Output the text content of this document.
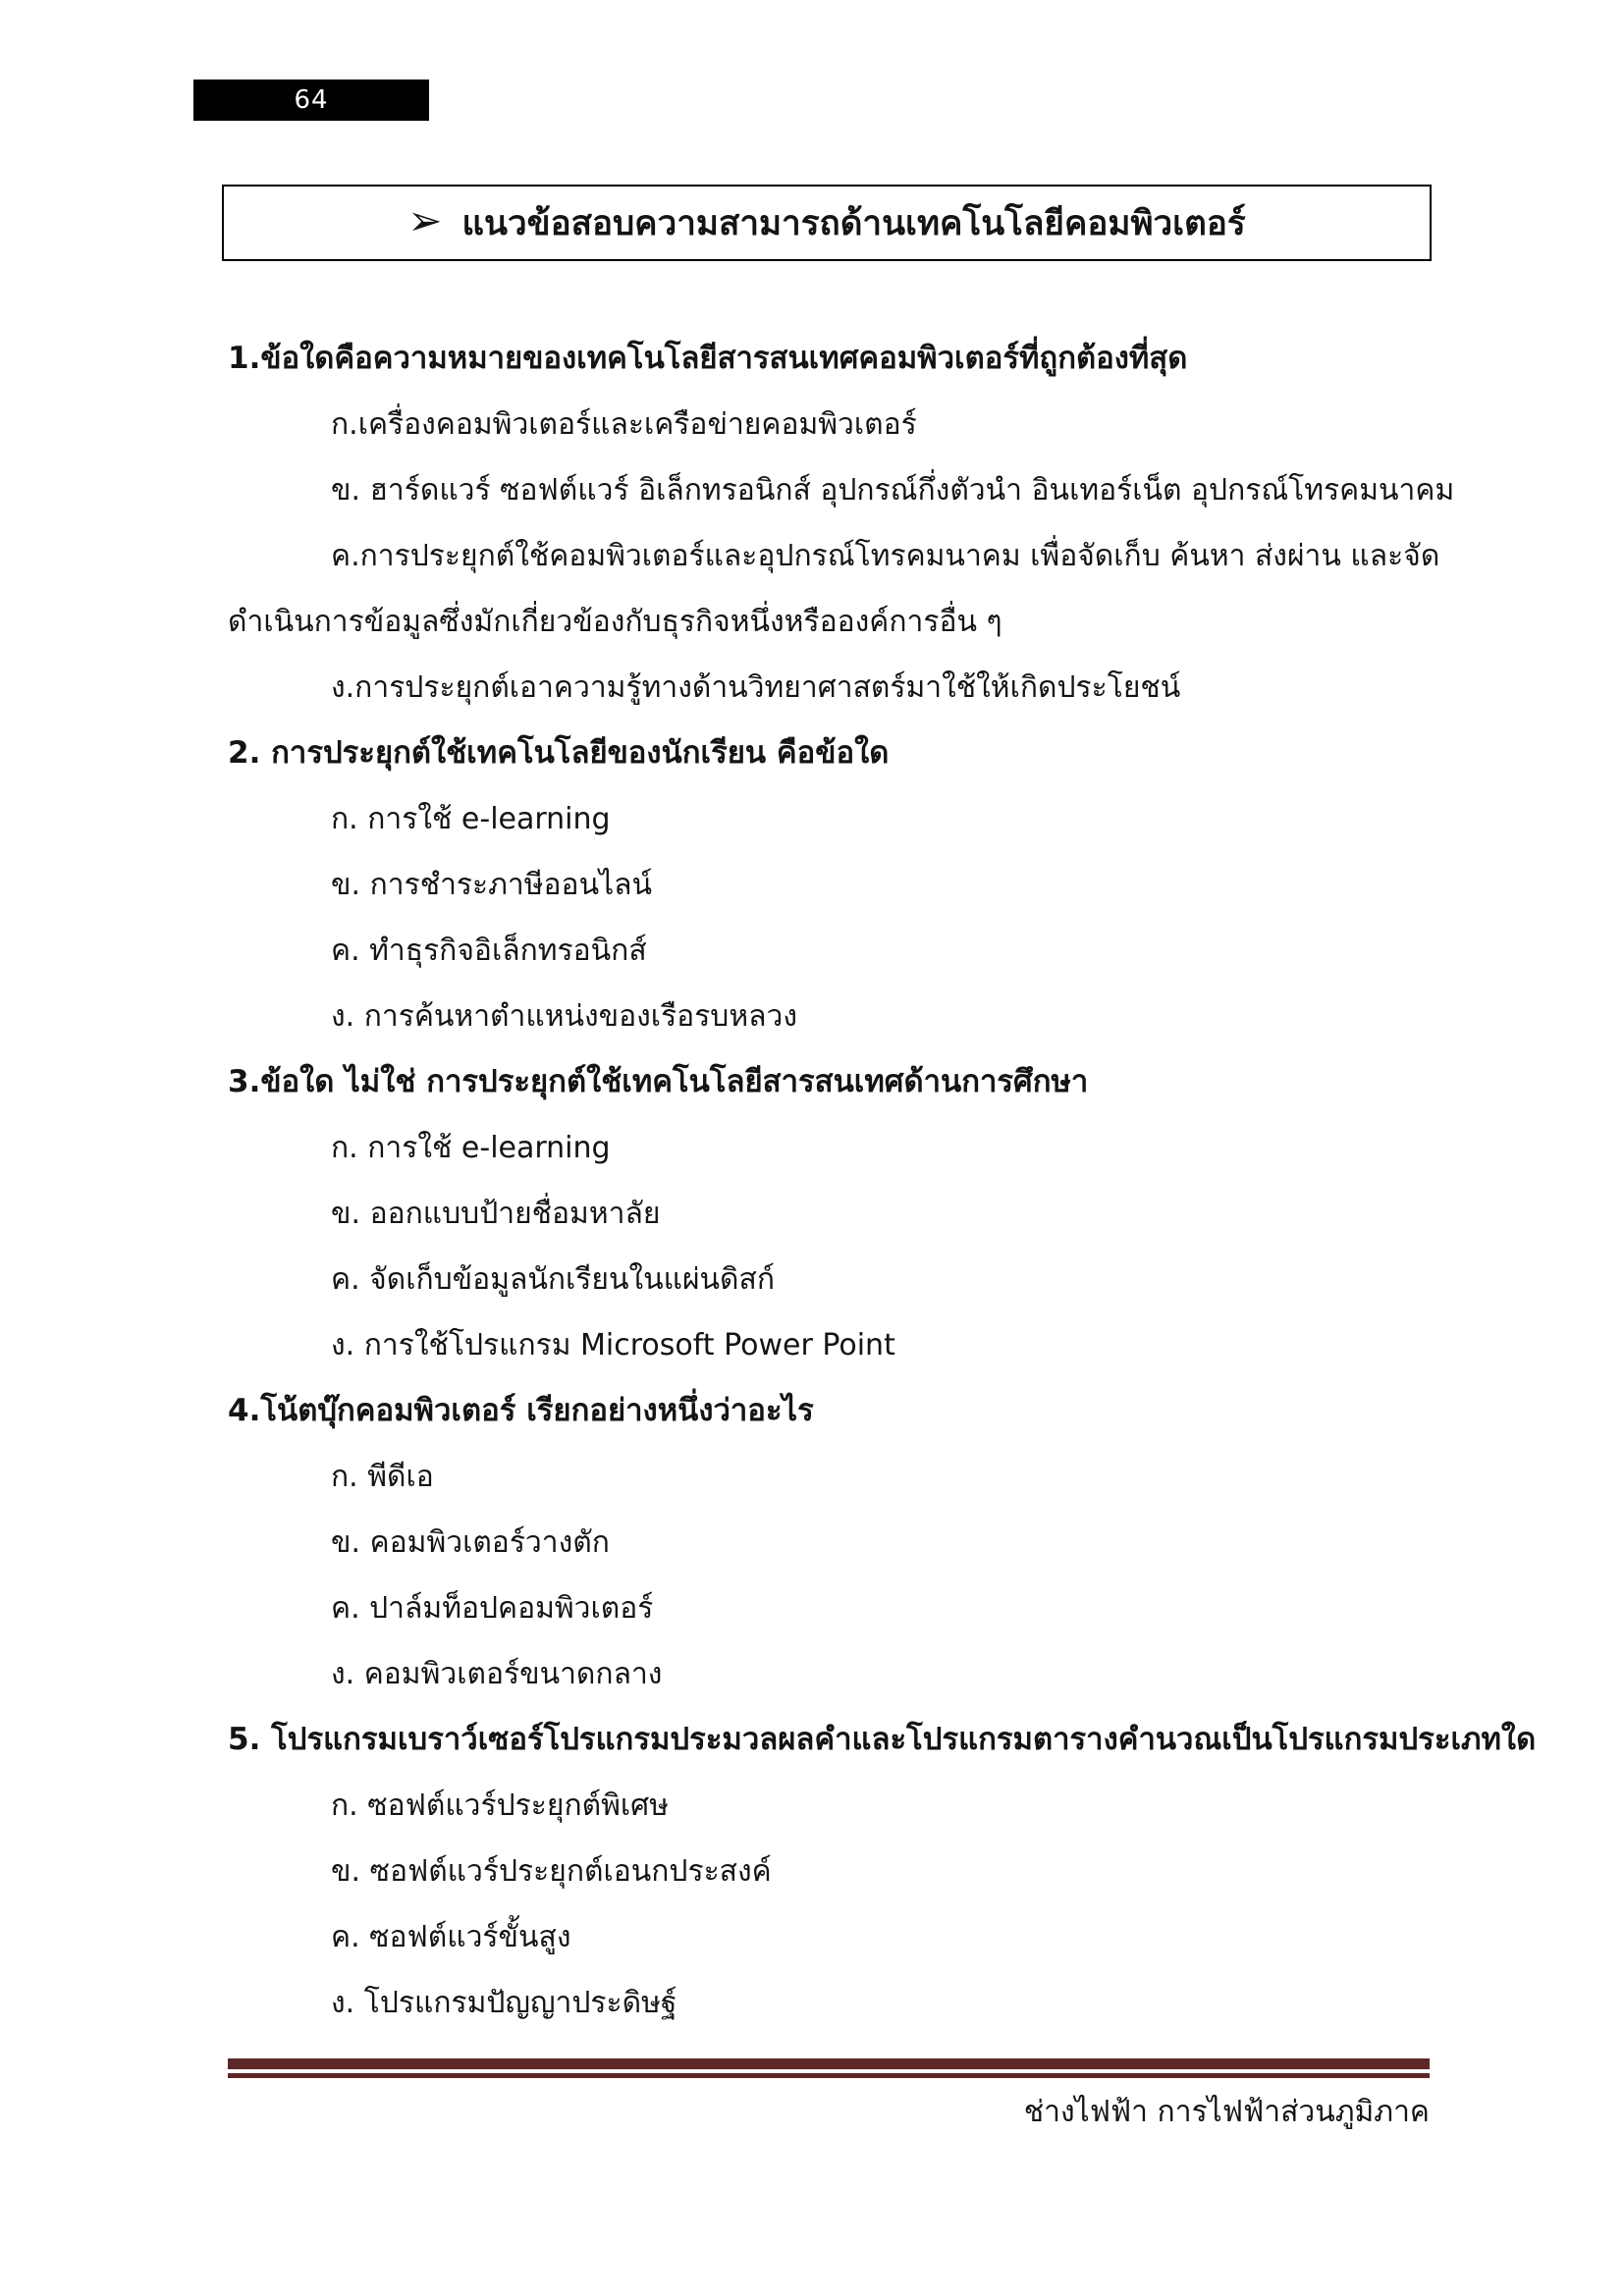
64
➢ แนวข้อสอบความสามารถด้านเทคโนโลยีคอมพิวเตอร์
1.ข้อใดคือความหมายของเทคโนโลยีสารสนเทศคอมพิวเตอร์ที่ถูกต้องที่สุด
ก.เครื่องคอมพิวเตอร์และเครือข่ายคอมพิวเตอร์
ข. ฮาร์ดแวร์ ซอฟต์แวร์ อิเล็กทรอนิกส์ อุปกรณ์กึ่งตัวนำ อินเทอร์เน็ต อุปกรณ์โทรคมนาคม
ค.การประยุกต์ใช้คอมพิวเตอร์และอุปกรณ์โทรคมนาคม เพื่อจัดเก็บ ค้นหา ส่งผ่าน และจัด
ดำเนินการข้อมูลซึ่งมักเกี่ยวข้องกับธุรกิจหนึ่งหรือองค์การอื่น ๆ
ง.การประยุกต์เอาความรู้ทางด้านวิทยาศาสตร์มาใช้ให้เกิดประโยชน์
2. การประยุกต์ใช้เทคโนโลยีของนักเรียน คือข้อใด
ก. การใช้ e-learning
ข. การชำระภาษีออนไลน์
ค. ทำธุรกิจอิเล็กทรอนิกส์
ง. การค้นหาตำแหน่งของเรือรบหลวง
3.ข้อใด ไม่ใช่ การประยุกต์ใช้เทคโนโลยีสารสนเทศด้านการศึกษา
ก. การใช้ e-learning
ข. ออกแบบป้ายชื่อมหาลัย
ค. จัดเก็บข้อมูลนักเรียนในแผ่นดิสก์
ง. การใช้โปรแกรม Microsoft Power Point
4.โน้ตบุ๊กคอมพิวเตอร์ เรียกอย่างหนึ่งว่าอะไร
ก. พีดีเอ
ข. คอมพิวเตอร์วางตัก
ค. ปาล์มท็อปคอมพิวเตอร์
ง. คอมพิวเตอร์ขนาดกลาง
5. โปรแกรมเบราว์เซอร์โปรแกรมประมวลผลคำและโปรแกรมตารางคำนวณเป็นโปรแกรมประเภทใด
ก. ซอฟต์แวร์ประยุกต์พิเศษ
ข. ซอฟต์แวร์ประยุกต์เอนกประสงค์
ค. ซอฟต์แวร์ขั้นสูง
ง. โปรแกรมปัญญาประดิษฐ์
ช่างไฟฟ้า การไฟฟ้าส่วนภูมิภาค
